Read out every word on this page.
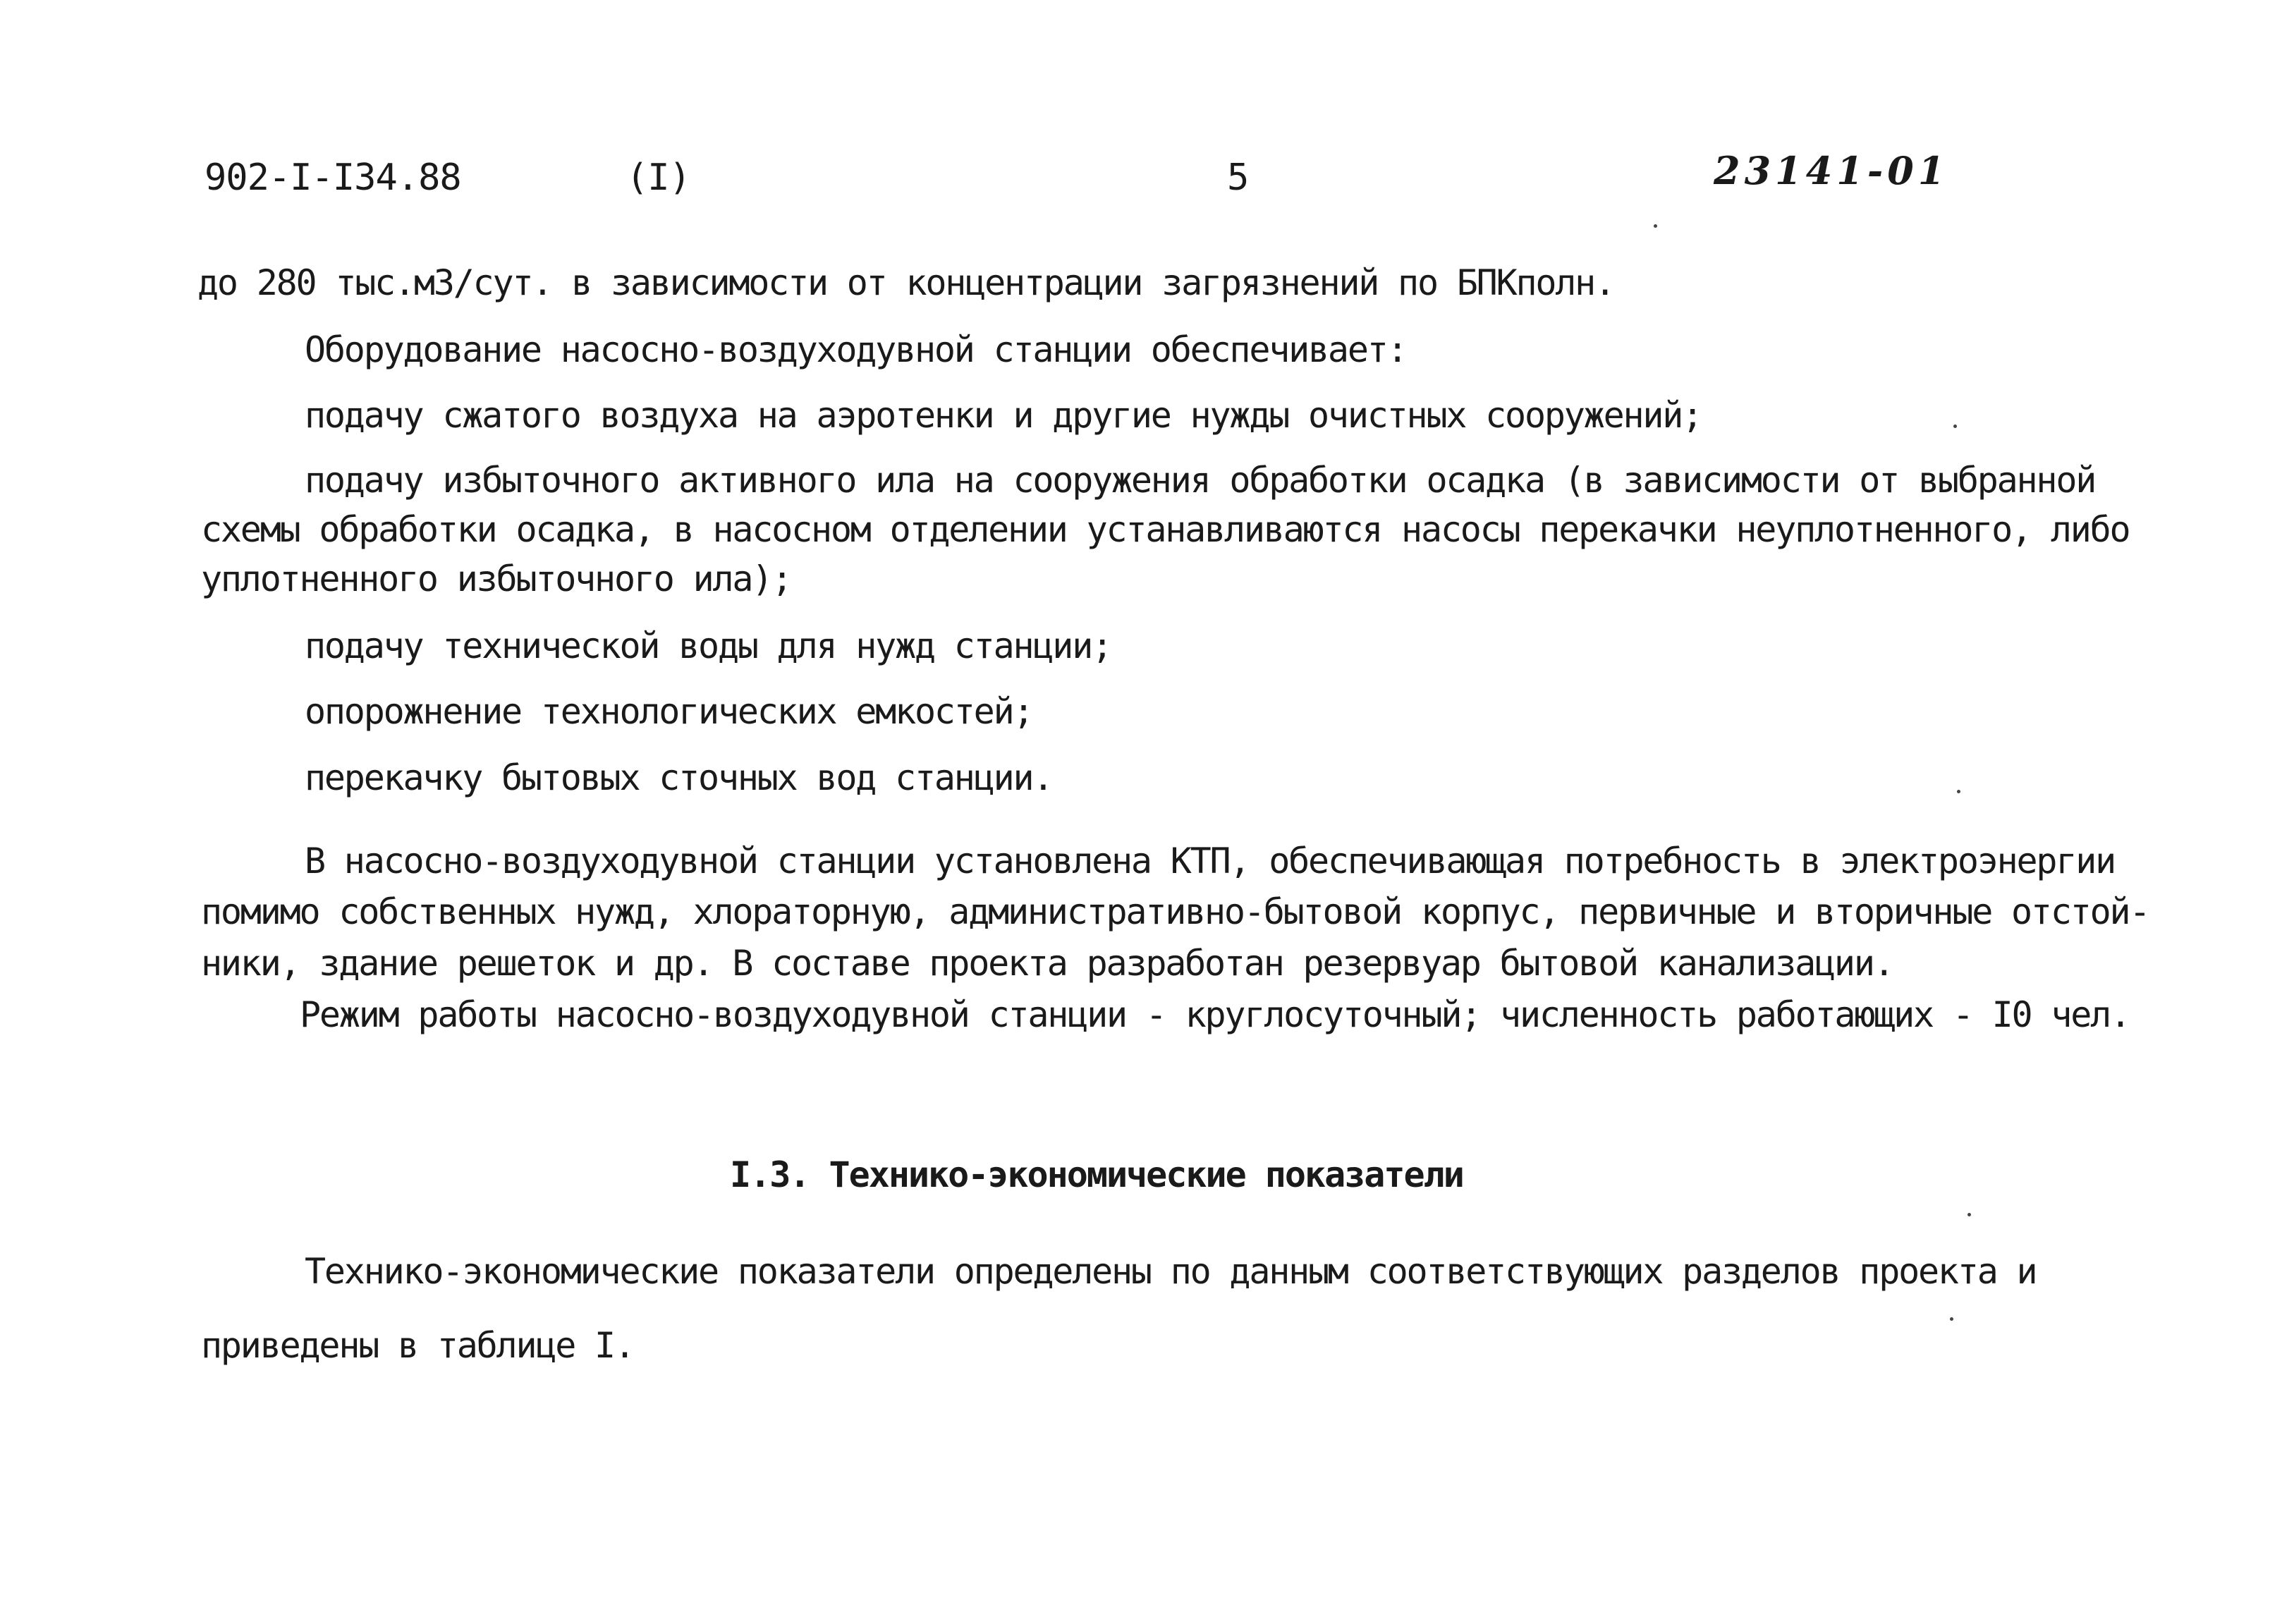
902-I-I34.88	(I)	5	23141-01
до 280 тыс.м3/сут. в зависимости от концентрации загрязнений по БПКполн.
Оборудование насосно-воздуходувной станции обеспечивает:
подачу сжатого воздуха на аэротенки и другие нужды очистных сооружений;
подачу избыточного активного ила на сооружения обработки осадка (в зависимости от выбранной
схемы обработки осадка, в насосном отделении устанавливаются насосы перекачки неуплотненного, либо
уплотненного избыточного ила);
подачу технической воды для нужд станции;
опорожнение технологических емкостей;
перекачку бытовых сточных вод станции.
В насосно-воздуходувной станции установлена КТП, обеспечивающая потребность в электроэнергии
помимо собственных нужд, хлораторную, административно-бытовой корпус, первичные и вторичные отстой-
ники, здание решеток и др. В составе проекта разработан резервуар бытовой канализации.
Режим работы насосно-воздуходувной станции - круглосуточный; численность работающих - I0 чел.
I.3. Технико-экономические показатели
Технико-экономические показатели определены по данным соответствующих разделов проекта и
приведены в таблице I.
